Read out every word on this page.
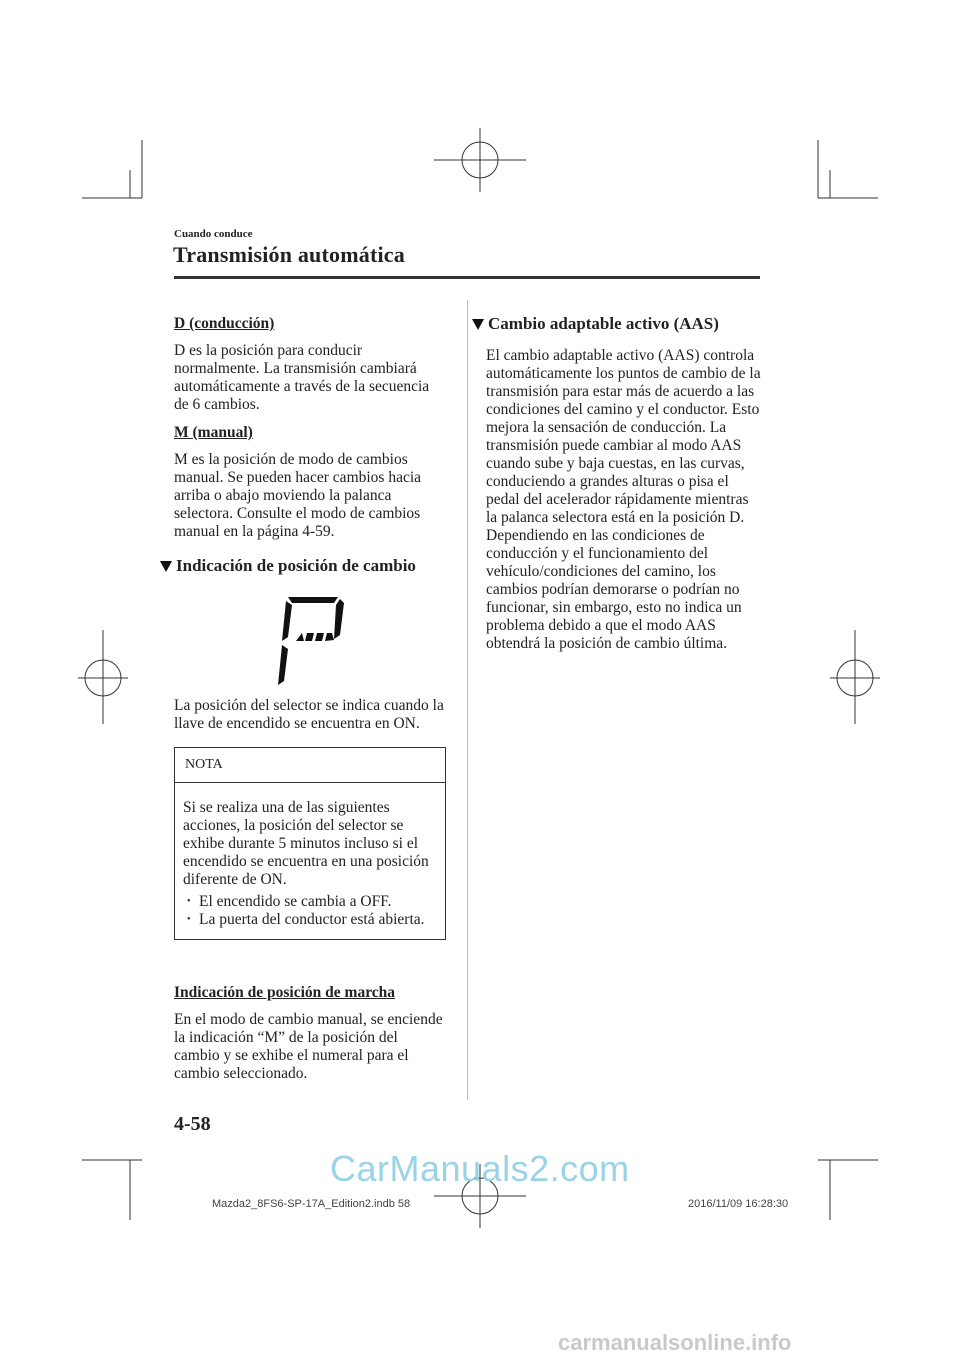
Cuando conduce
Transmisión automática

D (conducción)

D es la posición para conducir normalmente. La transmisión cambiará automáticamente a través de la secuencia de 6 cambios.

M (manual)

M es la posición de modo de cambios manual. Se pueden hacer cambios hacia arriba o abajo moviendo la palanca selectora. Consulte el modo de cambios manual en la página 4-59.

Indicación de posición de cambio

La posición del selector se indica cuando la llave de encendido se encuentra en ON.

NOTA

Si se realiza una de las siguientes acciones, la posición del selector se exhibe durante 5 minutos incluso si el encendido se encuentra en una posición diferente de ON.

• El encendido se cambia a OFF.
• La puerta del conductor está abierta.

Indicación de posición de marcha

En el modo de cambio manual, se enciende la indicación “M” de la posición del cambio y se exhibe el numeral para el cambio seleccionado.

Cambio adaptable activo (AAS)

El cambio adaptable activo (AAS) controla automáticamente los puntos de cambio de la transmisión para estar más de acuerdo a las condiciones del camino y el conductor. Esto mejora la sensación de conducción. La transmisión puede cambiar al modo AAS cuando sube y baja cuestas, en las curvas, conduciendo a grandes alturas o pisa el pedal del acelerador rápidamente mientras la palanca selectora está en la posición D. Dependiendo en las condiciones de conducción y el funcionamiento del vehículo/condiciones del camino, los cambios podrían demorarse o podrían no funcionar, sin embargo, esto no indica un problema debido a que el modo AAS obtendrá la posición de cambio última.

4-58
CarManuals2.com
Mazda2_8FS6-SP-17A_Edition2.indb 58	2016/11/09 16:28:30
carmanualsonline.info
